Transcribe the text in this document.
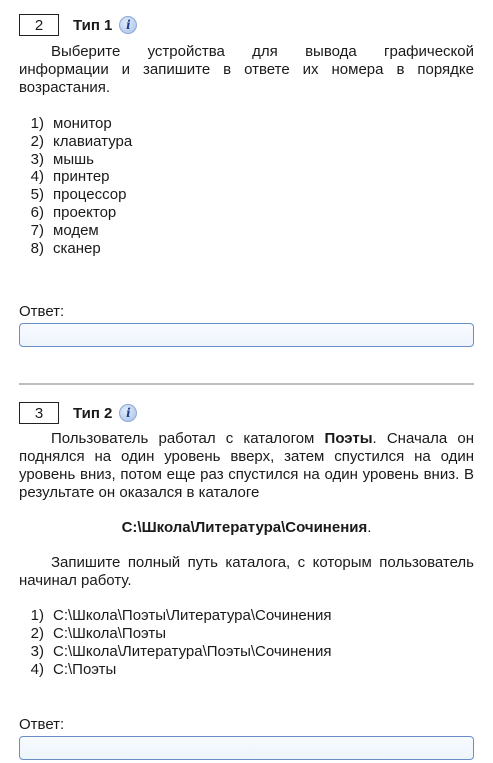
2	Тип 1	i

Выберите устройства для вывода графической информации и запишите в ответе их номера в порядке возрастания.

1) монитор
2) клавиатура
3) мышь
4) принтер
5) процессор
6) проектор
7) модем
8) сканер
Ответ:
3	Тип 2	i

Пользователь работал с каталогом Поэты. Сначала он поднялся на один уровень вверх, затем спустился на один уровень вниз, потом еще раз спустился на один уровень вниз. В результате он оказался в каталоге

C:\Школа\Литература\Сочинения.

Запишите полный путь каталога, с которым пользователь начинал работу.

1) C:\Школа\Поэты\Литература\Сочинения
2) C:\Школа\Поэты
3) C:\Школа\Литература\Поэты\Сочинения
4) C:\Поэты
Ответ:
